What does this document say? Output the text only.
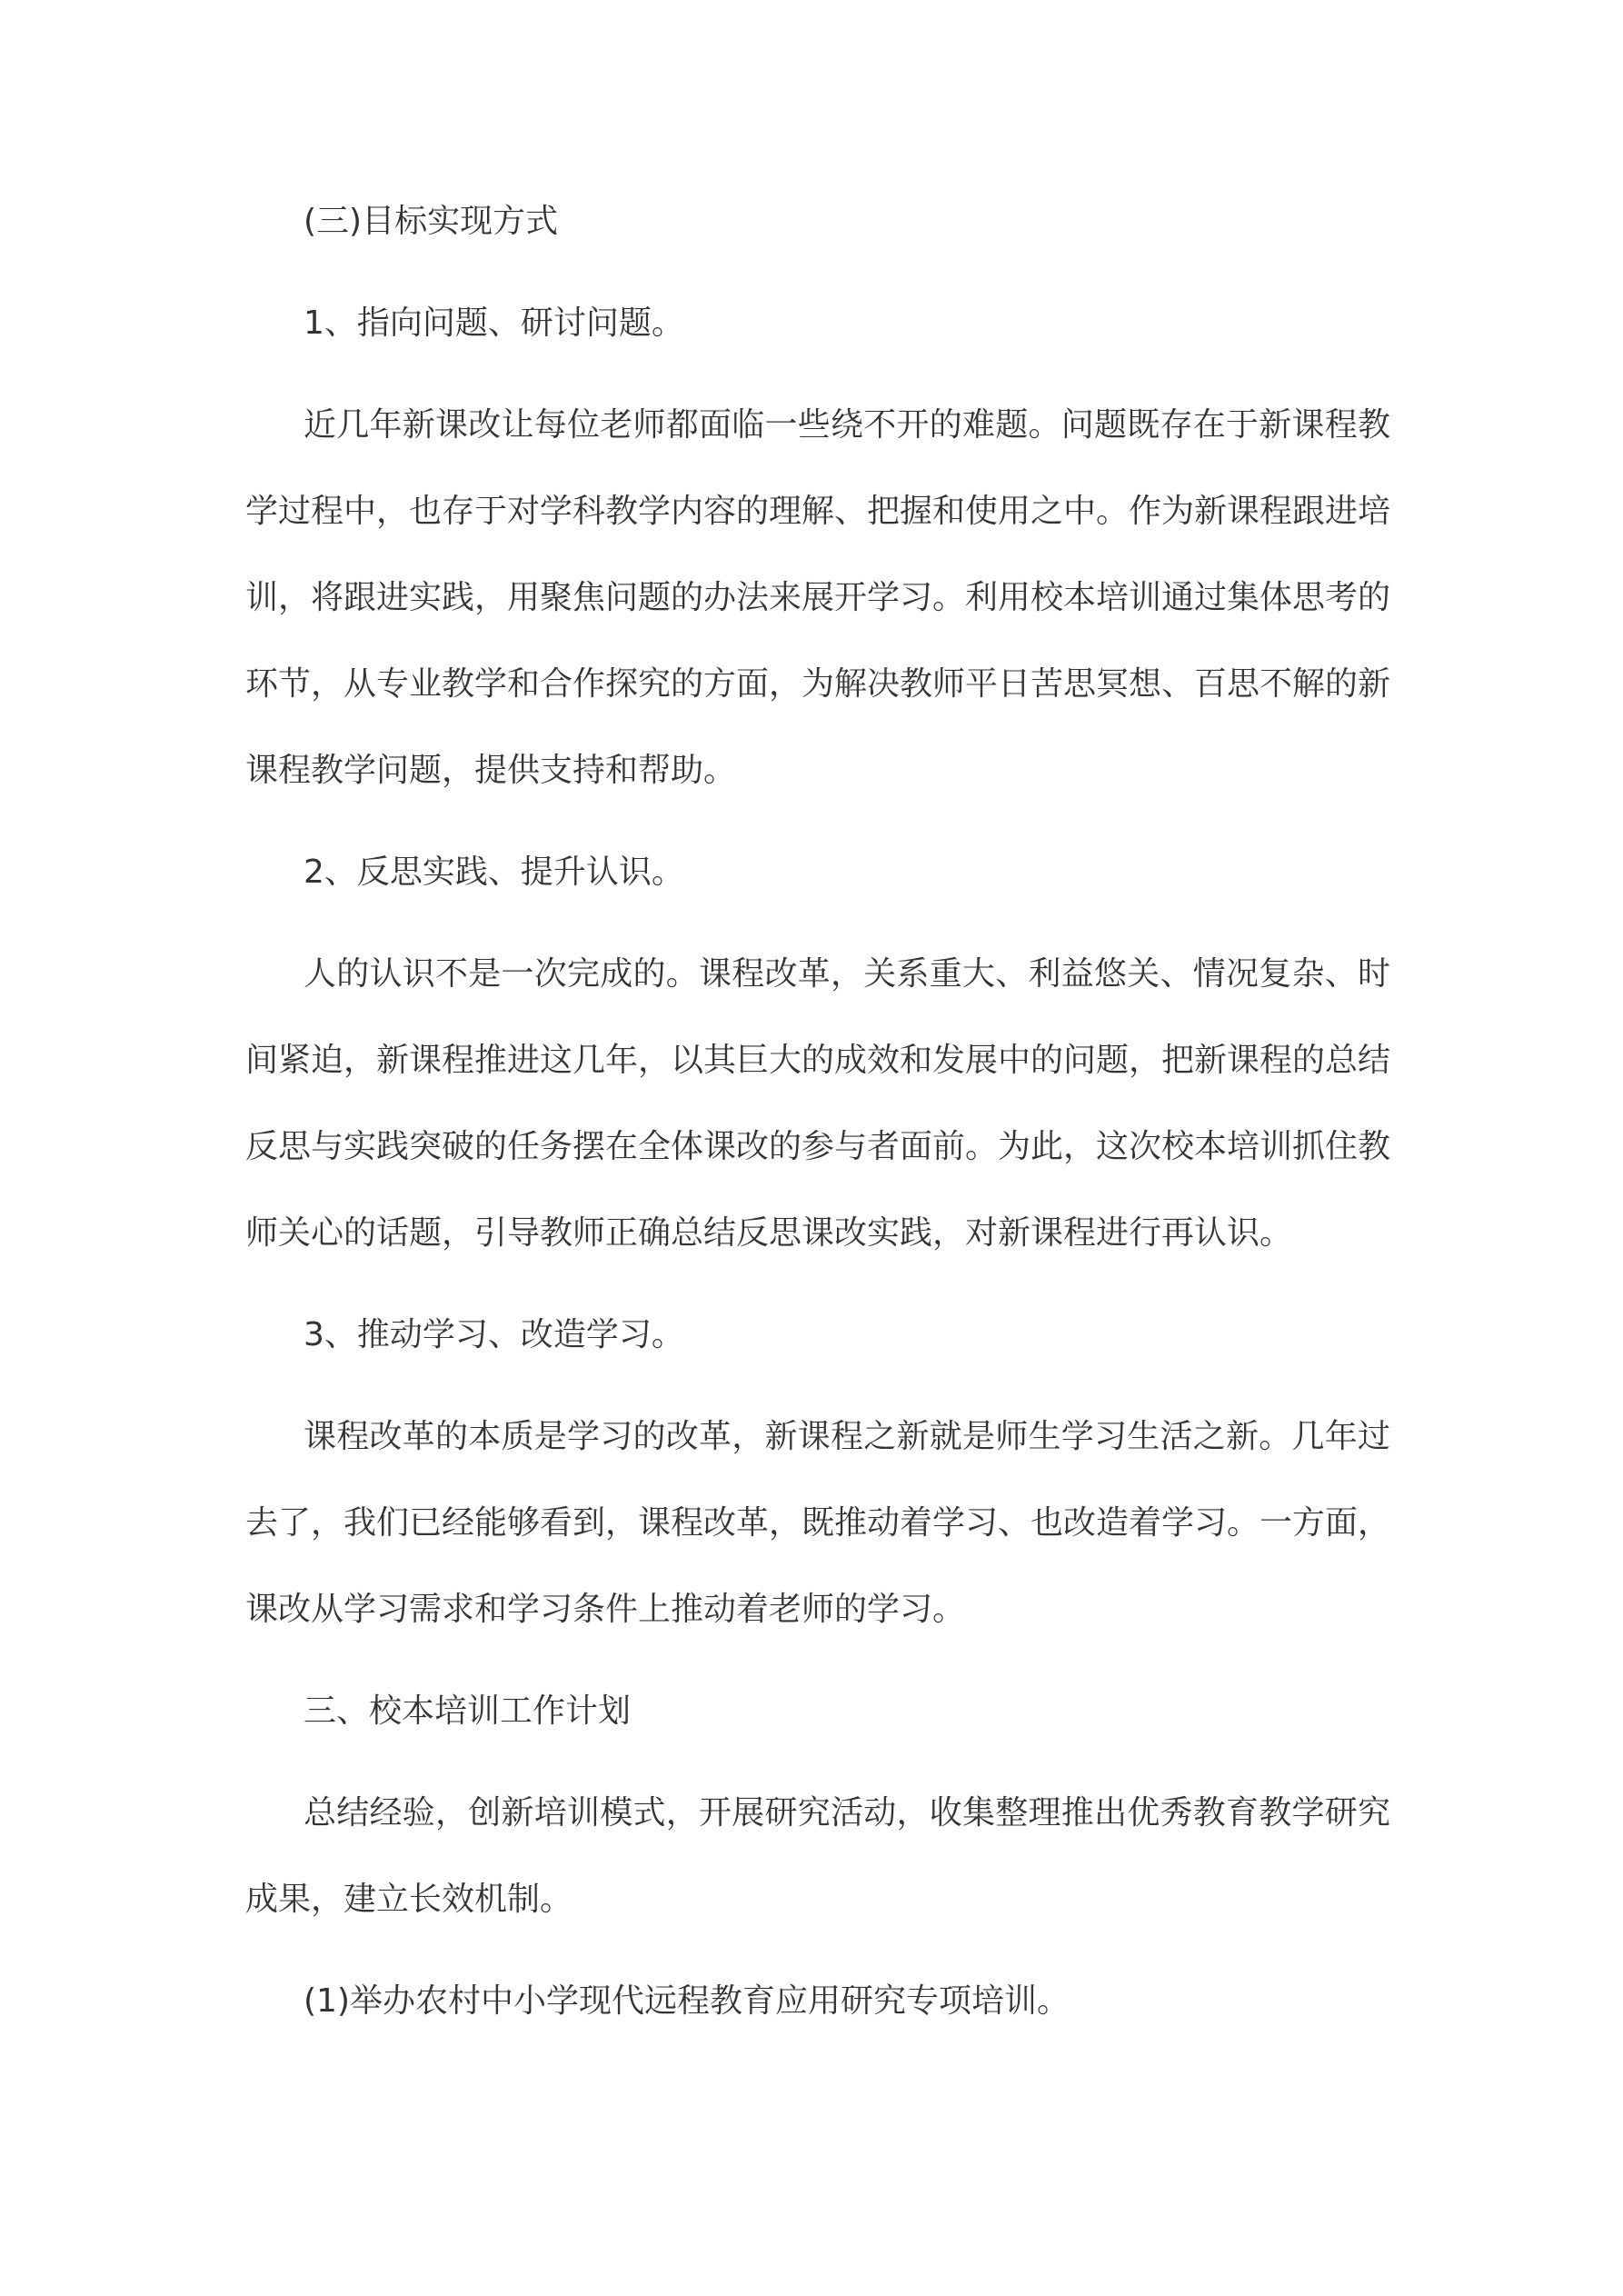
(三)目标实现方式

1、指向问题、研讨问题。

近几年新课改让每位老师都面临一些绕不开的难题。问题既存在于新课程教学过程中，也存于对学科教学内容的理解、把握和使用之中。作为新课程跟进培训，将跟进实践，用聚焦问题的办法来展开学习。利用校本培训通过集体思考的环节，从专业教学和合作探究的方面，为解决教师平日苦思冥想、百思不解的新课程教学问题，提供支持和帮助。

2、反思实践、提升认识。

人的认识不是一次完成的。课程改革，关系重大、利益悠关、情况复杂、时间紧迫，新课程推进这几年，以其巨大的成效和发展中的问题，把新课程的总结反思与实践突破的任务摆在全体课改的参与者面前。为此，这次校本培训抓住教师关心的话题，引导教师正确总结反思课改实践，对新课程进行再认识。

3、推动学习、改造学习。

课程改革的本质是学习的改革，新课程之新就是师生学习生活之新。几年过去了，我们已经能够看到，课程改革，既推动着学习、也改造着学习。一方面，课改从学习需求和学习条件上推动着老师的学习。

三、校本培训工作计划

总结经验，创新培训模式，开展研究活动，收集整理推出优秀教育教学研究成果，建立长效机制。

(1)举办农村中小学现代远程教育应用研究专项培训。
